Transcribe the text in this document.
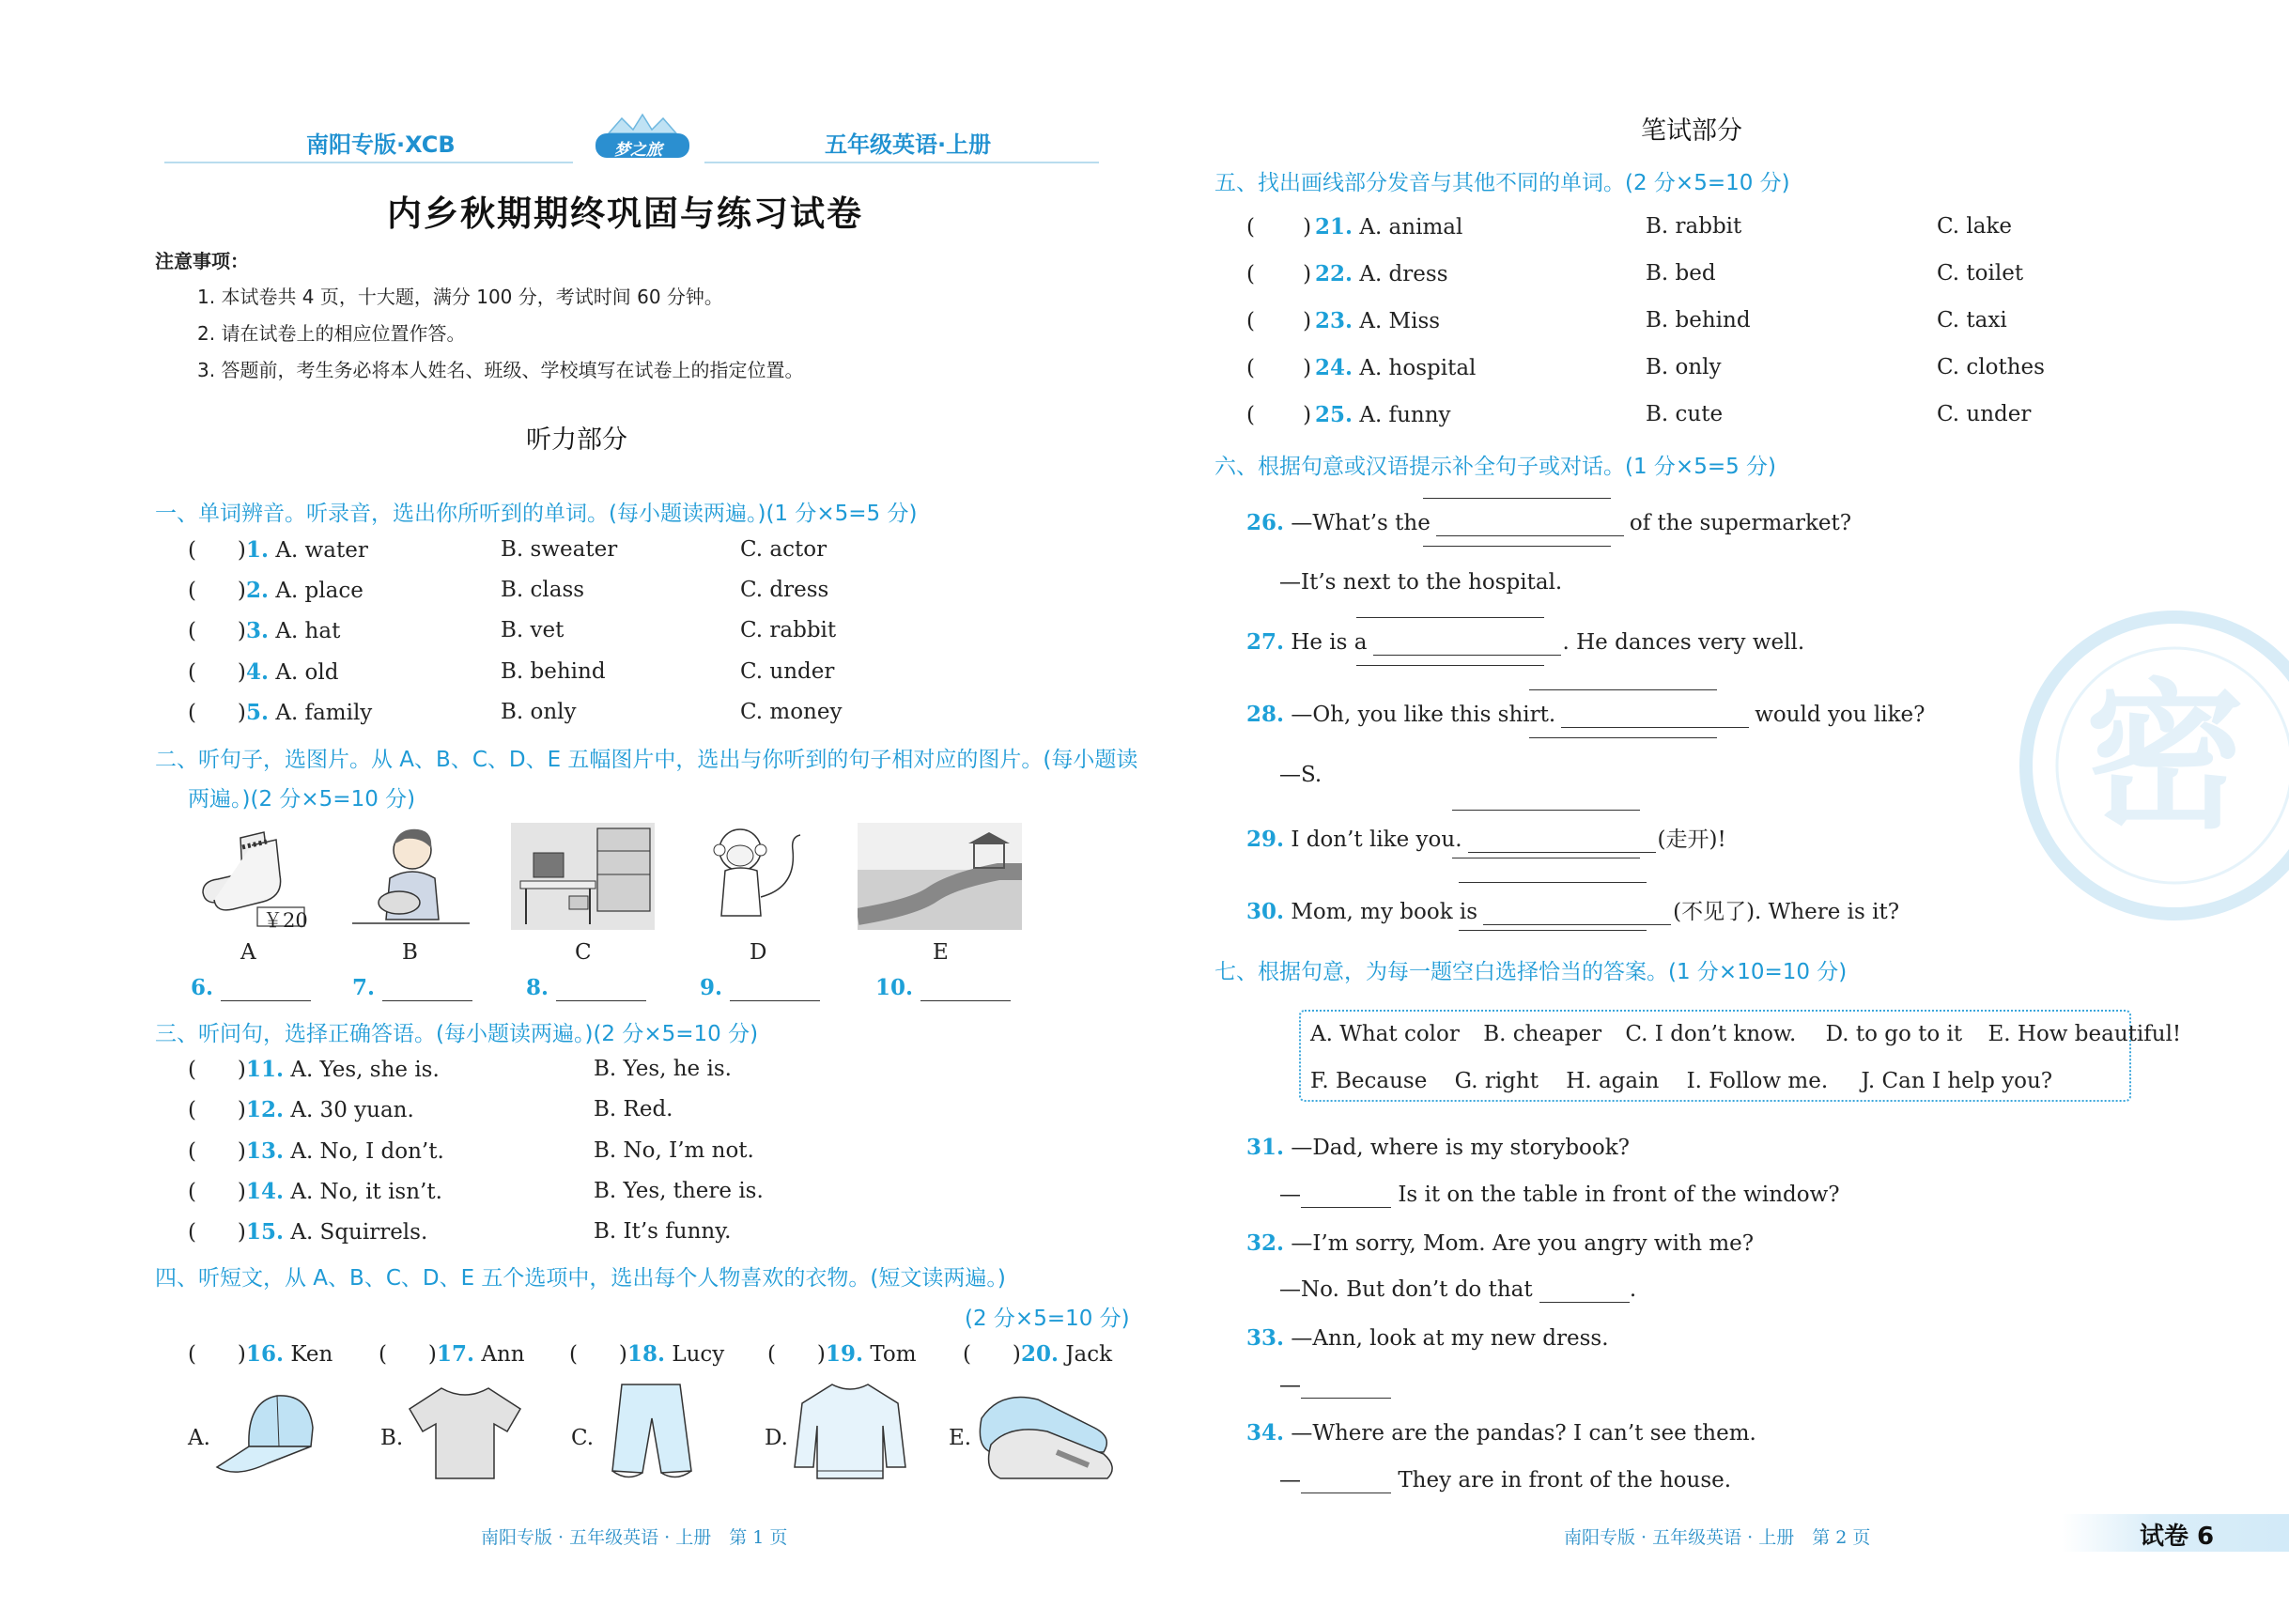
南阳专版·XCB	梦之旅	五年级英语·上册
内乡秋期期终巩固与练习试卷
注意事项：
1. 本试卷共 4 页，十大题，满分 100 分，考试时间 60 分钟。
2. 请在试卷上的相应位置作答。
3. 答题前，考生务必将本人姓名、班级、学校填写在试卷上的指定位置。
听力部分
一、单词辨音。听录音，选出你所听到的单词。(每小题读两遍。)(1 分×5=5 分)
(      )1. A. water	B. sweater	C. actor
(      )2. A. place	B. class	C. dress
(      )3. A. hat	B. vet	C. rabbit
(      )4. A. old	B. behind	C. under
(      )5. A. family	B. only	C. money
二、听句子，选图片。从 A、B、C、D、E 五幅图片中，选出与你听到的句子相对应的图片。(每小题读
两遍。)(2 分×5=10 分)
￥20
A	B	C	D	E
6.	7.	8.	9.	10.
三、听问句，选择正确答语。(每小题读两遍。)(2 分×5=10 分)
(      )11. A. Yes, she is.	B. Yes, he is.
(      )12. A. 30 yuan.	B. Red.
(      )13. A. No, I don’t.	B. No, I’m not.
(      )14. A. No, it isn’t.	B. Yes, there is.
(      )15. A. Squirrels.	B. It’s funny.
四、听短文，从 A、B、C、D、E 五个选项中，选出每个人物喜欢的衣物。(短文读两遍。)
(2 分×5=10 分)
(      )16. Ken (      )17. Ann (      )18. Lucy (      )19. Tom (      )20. Jack
A.	B.	C.	D.	E.
南阳专版 · 五年级英语 · 上册　第 1 页
密
笔试部分
五、找出画线部分发音与其他不同的单词。(2 分×5=10 分)
(       ) 21. A. animal	B. rabbit	C. lake
(       ) 22. A. dress	B. bed	C. toilet
(       ) 23. A. Miss	B. behind	C. taxi
(       ) 24. A. hospital	B. only	C. clothes
(       ) 25. A. funny	B. cute	C. under
六、根据句意或汉语提示补全句子或对话。(1 分×5=5 分)
26. —What’s the	of the supermarket?
—It’s next to the hospital.
27. He is a	. He dances very well.
28. —Oh, you like this shirt.	would you like?
—S.
29. I don’t like you.	(走开)!
30. Mom, my book is	(不见了). Where is it?
七、根据句意，为每一题空白选择恰当的答案。(1 分×10=10 分)
A. What color B. cheaper C. I don’t know. D. to go to it E. How beautiful!
F. Because G. right H. again I. Follow me. J. Can I help you?
31. —Dad, where is my storybook?
—	Is it on the table in front of the window?
32. —I’m sorry, Mom. Are you angry with me?
—No. But don’t do that	.
33. —Ann, look at my new dress.
—
34. —Where are the pandas? I can’t see them.
—	They are in front of the house.
南阳专版 · 五年级英语 · 上册　第 2 页	试卷 6
